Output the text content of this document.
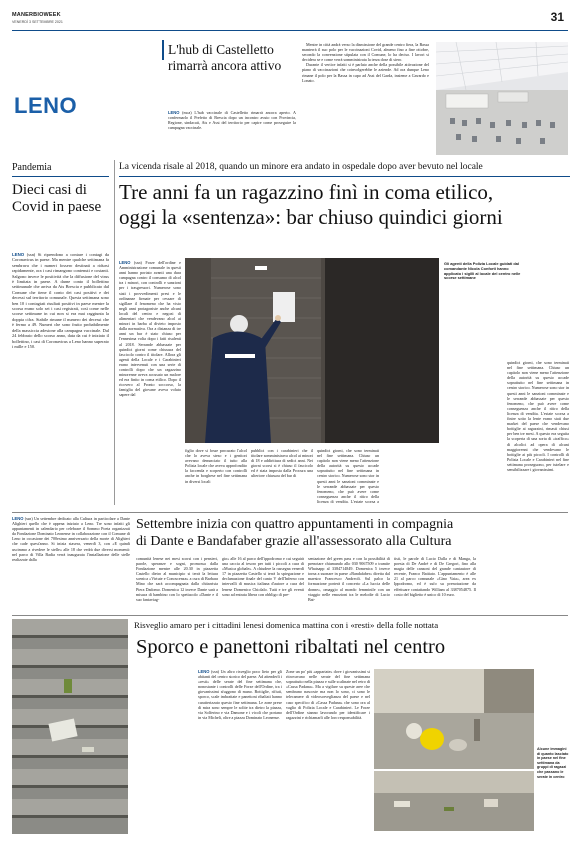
MANERBIOWEEK
VENERDÌ 3 SETTEMBRE 2021	31
LENO
L'hub di Castelletto rimarrà ancora attivo

LENO (mca) L'hub vaccinale di Castelletto rimarrà ancora aperto. A confermarlo il Prefetto di Brescia dopo un incontro avuto con Provincia, Regione, sindacati, Ats e Asst del territorio per capire come proseguire la campagna vaccinale.

Mentre in città andrà verso la dismissione del grande centro fiera, la Bassa manterrà il suo polo per le vaccinazioni Covid, almeno fino a fine ottobre, secondo la convenzione stipulata con il Comune, lo ha deciso. I lavori si decidera se e come verrà somministrata la terza dose di siero.

Durante il vertice infatti si è parlato anche della possibile attivazione del piano di vaccinazioni che coinvolgerebbe le aziende. Ad ora dunque Leno rimane il polo per la Bassa in capo ad Asst del Garda, insieme a Gavardo e Lonato.

Pandemia
Dieci casi di Covid in paese

LENO (ssn) Si riprendono a contare i contagi da Coronavirus in paese. Ma mentre qualche settimana fa sembrava che i numeri fossero destinati a ridursi rapidamente, ora i casi rimangono contenuti e costanti. Salgono invece le positività che la diffusione del virus è limitata in paese. A darne conto il bollettino settimanale che arriva da Ats Brescia e pubblicato dal Comune che tiene il conto dei casi positivi e dei decessi sul territorio comunale. Questa settimana sono ben 10 i contagiati risultati positivi in paese mentre la scorsa erano solo sei i casi registrati, così come nelle scorse settimane in cui non si era mai raggiunta la doppia cifra. Stabile rimane il numero dei decessi che è fermo a 49. Numeri che sono frutto probabilmente della massiccia adesione alla campagna vaccinale. Dal 24 febbraio dello scorso anno, data da cui è iniziato il bollettino, i casi di Coronavirus a Leno hanno superato i mille e 150.

La vicenda risale al 2018, quando un minore era andato in ospedale dopo aver bevuto nel locale
Tre anni fa un ragazzino finì in coma etilico,
oggi la «sentenza»: bar chiuso quindici giorni

LENO (ssn) Forze dell'ordine e Amministrazione comunale in questi anni hanno portato avanti una dura campagna contro il consumo di alcol tra i minori, con controlli e sanzioni per i trasgressori. Numerose sono stati i provvedimenti presi e le ordinanze firmate per cessare di sigillare il fenomeno che ha visto negli anni protagoniste anche alcuni locali del centro e negozi di alimentari che vendevano alcol ai minori in barba al divieto imposto dalla normativa. Ora a distanza di tre anni un bar è stato chiuso per l'ennesima volta dopo i fatti risalenti al 2018. Serrande abbassate per quindici giorni come chiusura del fascicolo contro il titolare. Allora gli agenti della Locale e i Carabinieri erano intervenuti con una serie di controlli dopo che un ragazzino minorenne aveva accusato un malore ed era finito in coma etilico. Dopo il ricovero al Pronto soccorso, la famiglia del giovane aveva voluto sapere dal

figlio dove si fosse procurato l'alcol che lo aveva steso e i genitori avevano denunciato il tutto alla Polizia locale che aveva approfondito la faccenda e scoperto con controlli anche in borghese nel fine settimana in diversi locali

pubblici con i carabinieri che il titolare somministrava alcol ai minori di 18 e addirittura di sedici anni. Nei giorni scorsi si è chiuso il fascicolo ed è stata imposta dalla Procura una ulteriore chiusura del bar di

quindici giorni, che sono terminati nel fine settimana. Chiuso un capitolo non viene meno l'attenzione della autorità su questo accade soprattutto nel fine settimana in centro storico. Numerose sono stor in questi anni le sanzioni comminate e le serrande abbassate per questo fenomeno, che può avere come conseguenza anche il ritiro della licenza di vendita. L'estate scorsa a

Gli agenti della Polizia Locale guidati dal comandante Nicola Conforti hanno applicato i sigilli al locale del centro nelle scorse settimane

quindici giorni, che sono terminati nel fine settimana. Chiuso un capitolo non viene meno l'attenzione della autorità su questo accade soprattutto nel fine settimana in centro storico. Numerose sono stor in questi anni le sanzioni comminate e le serrande abbassate per questo fenomeno, che può avere come conseguenza anche il ritiro della licenza di vendita. L'estate scorsa a finire sotto la lente erano stati due market del paese che vendevano bottiglie ai ragazzini, rimasti chiusi per ben tre mesi. A questo era seguita la scoperta di una sorta di «traffico» di alcolici ad opera di alcuni maggiorenni che vendevano le bottiglie ai più piccoli. I controlli di Polizia Locale e Carabinieri nel fine settimana proseguono, per tutelare e sensibilizzare i giovanissimi.

LENO (ssn) Un settembre dedicato alla Cultura in particolare a Dante Alighieri quello che è appena iniziato a Leno. Tre sono infatti gli appuntamenti in calendario per celebrare il Sommo Poeta organizzati da Fondazione Dominato Leonense in collaborazione con il Comune di Leno in occasione dei 700esimo anniversario della morte di Alighieri che cade quest'anno. Si inizia stasera, venerdì 3, con «E quindi uscimmo a rivedere le stelle» alle 18 che vedrà due diversi momenti: nel parco di Villa Badia verrà inaugurata l'installazione delle stelle realizzate dalla

Settembre inizia con quattro appuntamenti in compagnia
di Dante e Bandafaber grazie all'assessorato alla Cultura

comunità lenese nei mesi scorsi con i pensieri, parole, speranze e sogni, promossa dalla Fondazione mentre alle 20.30 in piazzetta Castello dietro al municipio si terrà la lettura scenica «Virtute e Conoscenza» a cura di Barbara Mino che sarà accompagnata dalla chitarrista Piera Dadomo. Domenica 12 invece Dante sarà a misura di bambino con lo spettacolo «Dante e il suo fantaviag-

gio» alle 16 al parco dell'ippodromo e cui seguirà una caccia al tesoro per tutti i piccoli a cura di «Musica globale». A chiudere la rassegna venerdì 17 in piazzetta Castello si terrà la spiegazione e declamazione finale del canto V dell'Inferno con intervalli di musica italiana d'autore a cura del lenese Domenico Chiolalo. Tutti e tre gli eventi sono ad entrata libera con obbligo di pre-

sentazione del green pass e con la possibilità di prenotare chiamando allo 030 9067509 o tramite Whatsapp al 3384714849. Domenica 5 invece torna a suonare in paese «Bandafaber» diretta dal maestro Francesco Andreoli. Sul palco la formazione porterà il concerto «La luccia delle donne», omaggio al mondo femminile con un viaggio nelle emozioni tra le melodie di Lucio Bat-

tisti, le parole di Lucio Dalla e di Manga, la poesia di De Andrè e di De Gregori, fino alla magia delle canzoni del grande cantautore di recente, Franco Battiato. L'appuntamento è alle 21 al parco comunale «Gino Vaia», area ex Ippodromo, ed è sufo su prenotazione da effettuare contattando William al 3387054875. Il costo del biglietto è unico di 10 euro.

Risveglio amaro per i cittadini lenesi domenica mattina con i «resti» della folle nottata
Sporco e panettoni ribaltati nel centro

LENO (ssn) Un altro risveglio poco lieto per gli abitanti del centro storico del paese. Ad attenderli i «resti» delle serate del fine settimana che, nonostante i controlli delle Forze dell'Ordine, tra i giovanissimi sfuggono di mano. Bottiglie, rifiuti, sporco, scale imbrattate e panettoni ribaltati hanno caratterizzato questo fine settimana. Le zone prese di mira sono sempre le solite tra dietro la piazza, via Solferino e via Damone e i vicoli che portano in via Micheli, oltre a piazza Dominato Leonense.

Zone un po' più «appartate» dove i giovanissimi si ritrovavano nelle serate del fine settimana soprattutto nella piazza e sulle scalinate nel retro di «Cassa Padana». Ma a vigilare su queste aree che sembrano nascoste ma non lo sono, ci sono le telecamere di videosorveglianza del paese e nel caso specifico di «Cassa Padana» che sono ora al vaglio di Polizia Locale e Carabinieri. Le Forze dell'Ordine stanno lavorando per identificare i ragazzini e richiamarli alle loro responsabilità.

Alcune immagini di quanto lasciato in paese nel fine settimana da gruppi di ragazzi che passano le serate in centro
